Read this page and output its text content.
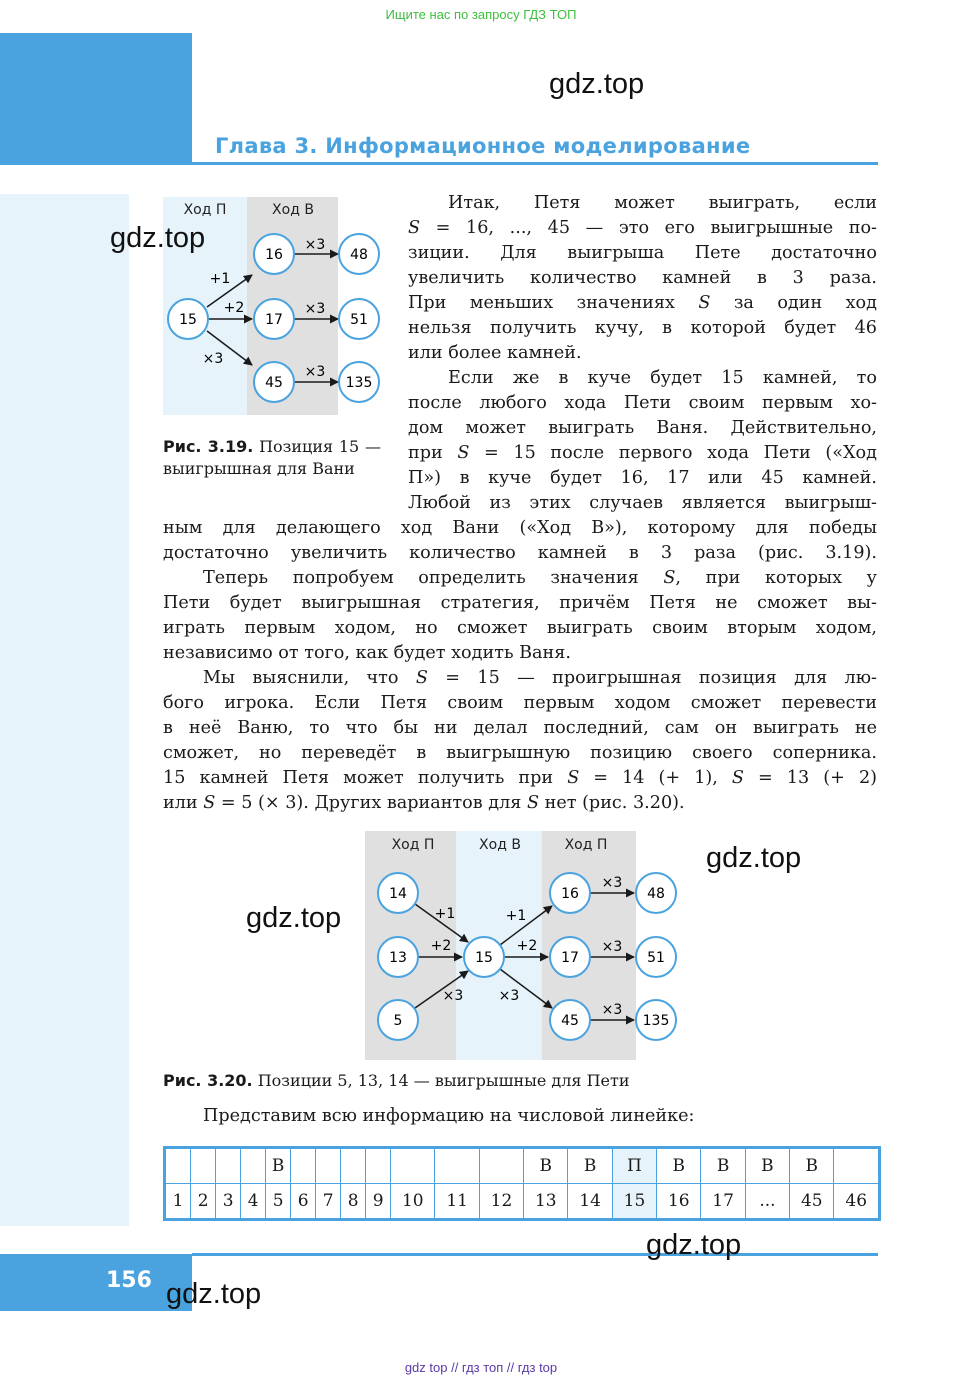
Ищите нас по запросу ГДЗ ТОП
gdz.top
Глава 3. Информационное моделирование
Ход П	Ход В
+1
+2
×3
×3
×3
×3
15
16
17
45
48
51
135
gdz.top
Рис. 3.19. Позиция 15 — выигрышная для Вани
Итак, Петя может выиграть, если
S = 16, ..., 45 — это его выигрышные по-
зиции. Для выигрыша Пете достаточно
увеличить количество камней в 3 раза.
При меньших значениях S за один ход
нельзя получить кучу, в которой будет 46
или более камней.
Если же в куче будет 15 камней, то
после любого хода Пети своим первым хо-
дом может выиграть Ваня. Действительно,
при S = 15 после первого хода Пети («Ход
П») в куче будет 16, 17 или 45 камней.
Любой из этих случаев является выигрыш-
ным для делающего ход Вани («Ход В»), которому для победы
достаточно увеличить количество камней в 3 раза (рис. 3.19).
Теперь попробуем определить значения S, при которых у
Пети будет выигрышная стратегия, причём Петя не сможет вы-
играть первым ходом, но сможет выиграть своим вторым ходом,
независимо от того, как будет ходить Ваня.
Мы выяснили, что S = 15 — проигрышная позиция для лю-
бого игрока. Если Петя своим первым ходом сможет перевести
в неё Ваню, то что бы ни делал последний, сам он выиграть не
сможет, но переведёт в выигрышную позицию своего соперника.
15 камней Петя может получить при S = 14 (+ 1), S = 13 (+ 2)
или S = 5 (× 3). Других вариантов для S нет (рис. 3.20).
Ход П	Ход В	Ход П
+1
+2
×3
+1
+2
×3
×3
×3
×3
14
13
5
15
16
17
45
48
51
135
gdz.top
gdz.top
Рис. 3.20. Позиции 5, 13, 14 — выигрышные для Пети
Представим всю информацию на числовой линейке:
				В								В	В	П	В	В	В	В	
1	2	3	4	5	6	7	8	9	10	11	12	13	14	15	16	17	...	45	46
gdz.top
156 gdz.top
gdz top // гдз топ // гдз top
